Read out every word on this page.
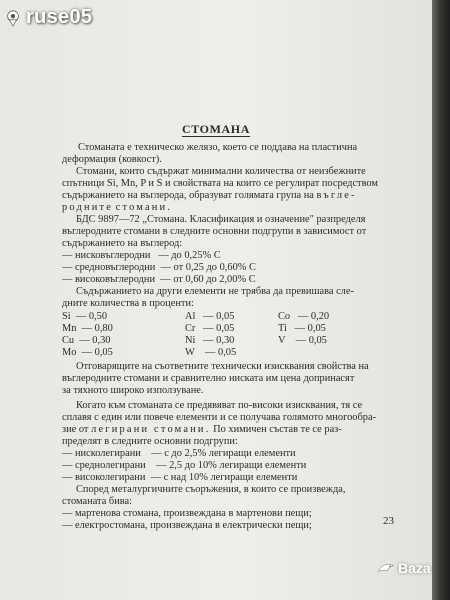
ruse05
СТОМАНА
Стоманата е техническо желязо, което се поддава на пластична
деформация (ковкост).
Стомани, които съдържат минимални количества от неизбежните
спътници Si, Mn, P и S и свойствата на които се регулират посредством
съдържанието на въглерода, образуват голямата група на въгле-
родните стомани.
БДС 9897—72 „Стомана. Класификация и означение" разпределя
въглеродните стомани в следните основни подгрупи в зависимост от
съдържанието на въглерод:
— нисковъглеродни   — до 0,25% С
— средновъглеродни  — от 0,25 до 0,60% С
— високовъглеродни  — от 0,60 до 2,00% С
Съдържанието на други елементи не трябва да превишава сле-
дните количества в проценти:
Si  — 0,50	Al   — 0,05	Co   — 0,20
Mn  — 0,80	Cr   — 0,05	Ti   — 0,05
Cu  — 0,30	Ni   — 0,30	V    — 0,05
Mo  — 0,05	W    — 0,05
Отговарящите на съответните технически изисквания свойства на
въглеродните стомани и сравнително ниската им цена допринасят
за тяхното широко използуване.
Когато към стоманата се предявяват по-високи изисквания, тя се
сплавя с един или повече елементи и се получава голямото многообра-
зие от легирани стомани. По химичен състав те се раз-
пределят в следните основни подгрупи:
— нисколегирани    — с до 2,5% легиращи елементи
— среднолегирани    — 2,5 до 10% легиращи елементи
— високолегирани  — с над 10% легиращи елементи
Според металургичните съоръжения, в които се произвежда,
стоманата бива:
— мартенова стомана, произвеждана в мартенови пещи;
— електростомана, произвеждана в електрически пещи;	23
Baza
